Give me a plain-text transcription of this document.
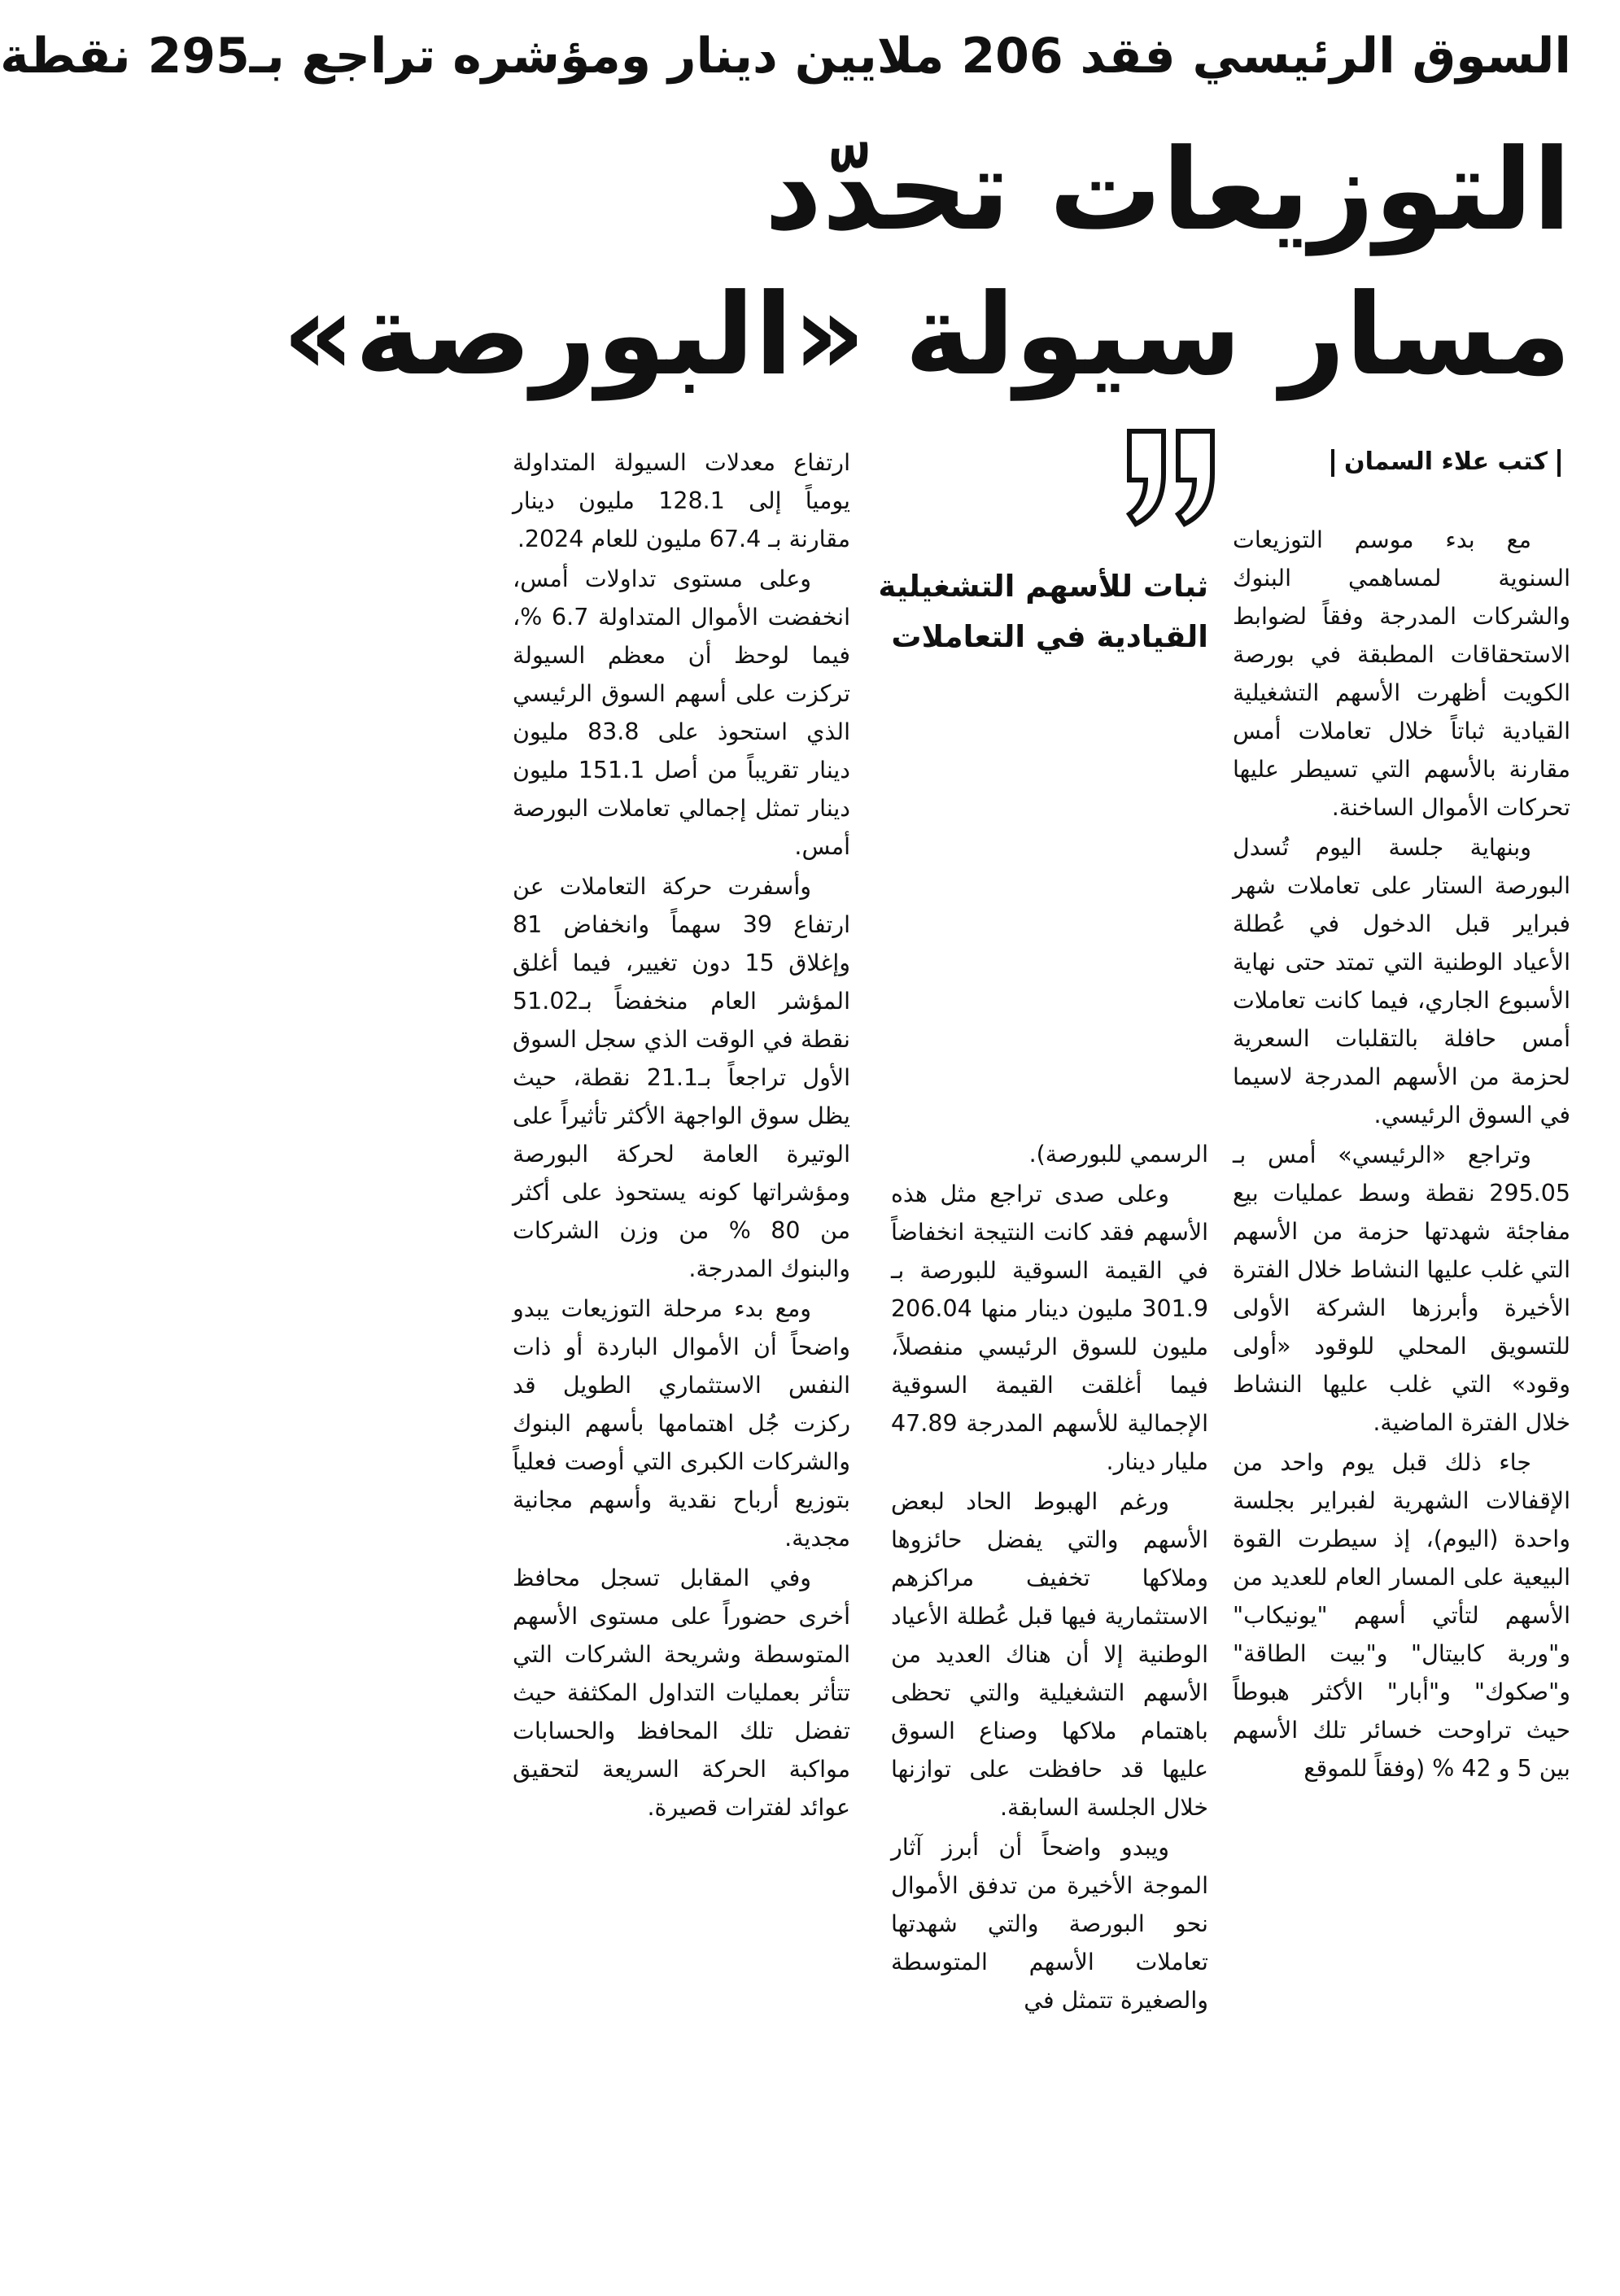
السوق الرئيسي فقد 206 ملايين دينار ومؤشره تراجع بـ295 نقطة
التوزيعات تحدّد
مسار سيولة «البورصة»
كتب علاء السمان
ثبات للأسهم التشغيلية
القيادية في التعاملات

مع بدء موسم التوزيعات السنوية لمساهمي البنوك والشركات المدرجة وفقاً لضوابط الاستحقاقات المطبقة في بورصة الكويت أظهرت الأسهم التشغيلية القيادية ثباتاً خلال تعاملات أمس مقارنة بالأسهم التي تسيطر عليها تحركات الأموال الساخنة.

وبنهاية جلسة اليوم تُسدل البورصة الستار على تعاملات شهر فبراير قبل الدخول في عُطلة الأعياد الوطنية التي تمتد حتى نهاية الأسبوع الجاري، فيما كانت تعاملات أمس حافلة بالتقلبات السعرية لحزمة من الأسهم المدرجة لاسيما في السوق الرئيسي.

وتراجع «الرئيسي» أمس بـ 295.05 نقطة وسط عمليات بيع مفاجئة شهدتها حزمة من الأسهم التي غلب عليها النشاط خلال الفترة الأخيرة وأبرزها الشركة الأولى للتسويق المحلي للوقود «أولى وقود» التي غلب عليها النشاط خلال الفترة الماضية.

جاء ذلك قبل يوم واحد من الإقفالات الشهرية لفبراير بجلسة واحدة (اليوم)، إذ سيطرت القوة البيعية على المسار العام للعديد من الأسهم لتأتي أسهم "يونيكاب" و"وربة كابيتال" و"بيت الطاقة" و"صكوك" و"أبار" الأكثر هبوطاً حيث تراوحت خسائر تلك الأسهم بين 5 و 42 % (وفقاً للموقع

الرسمي للبورصة).

وعلى صدى تراجع مثل هذه الأسهم فقد كانت النتيجة انخفاضاً في القيمة السوقية للبورصة بـ 301.9 مليون دينار منها 206.04 مليون للسوق الرئيسي منفصلاً، فيما أغلقت القيمة السوقية الإجمالية للأسهم المدرجة 47.89 مليار دينار.

ورغم الهبوط الحاد لبعض الأسهم والتي يفضل حائزوها وملاكها تخفيف مراكزهم الاستثمارية فيها قبل عُطلة الأعياد الوطنية إلا أن هناك العديد من الأسهم التشغيلية والتي تحظى باهتمام ملاكها وصناع السوق عليها قد حافظت على توازنها خلال الجلسة السابقة.

ويبدو واضحاً أن أبرز آثار الموجة الأخيرة من تدفق الأموال نحو البورصة والتي شهدتها تعاملات الأسهم المتوسطة والصغيرة تتمثل في

ارتفاع معدلات السيولة المتداولة يومياً إلى 128.1 مليون دينار مقارنة بـ 67.4 مليون للعام 2024.

وعلى مستوى تداولات أمس، انخفضت الأموال المتداولة 6.7 %، فيما لوحظ أن معظم السيولة تركزت على أسهم السوق الرئيسي الذي استحوذ على 83.8 مليون دينار تقريباً من أصل 151.1 مليون دينار تمثل إجمالي تعاملات البورصة أمس.

وأسفرت حركة التعاملات عن ارتفاع 39 سهماً وانخفاض 81 وإغلاق 15 دون تغيير، فيما أغلق المؤشر العام منخفضاً بـ51.02 نقطة في الوقت الذي سجل السوق الأول تراجعاً بـ21.1 نقطة، حيث يظل سوق الواجهة الأكثر تأثيراً على الوتيرة العامة لحركة البورصة ومؤشراتها كونه يستحوذ على أكثر من 80 % من وزن الشركات والبنوك المدرجة.

ومع بدء مرحلة التوزيعات يبدو واضحاً أن الأموال الباردة أو ذات النفس الاستثماري الطويل قد ركزت جُل اهتمامها بأسهم البنوك والشركات الكبرى التي أوصت فعلياً بتوزيع أرباح نقدية وأسهم مجانية مجدية.

وفي المقابل تسجل محافظ أخرى حضوراً على مستوى الأسهم المتوسطة وشريحة الشركات التي تتأثر بعمليات التداول المكثفة حيث تفضل تلك المحافظ والحسابات مواكبة الحركة السريعة لتحقيق عوائد لفترات قصيرة.
